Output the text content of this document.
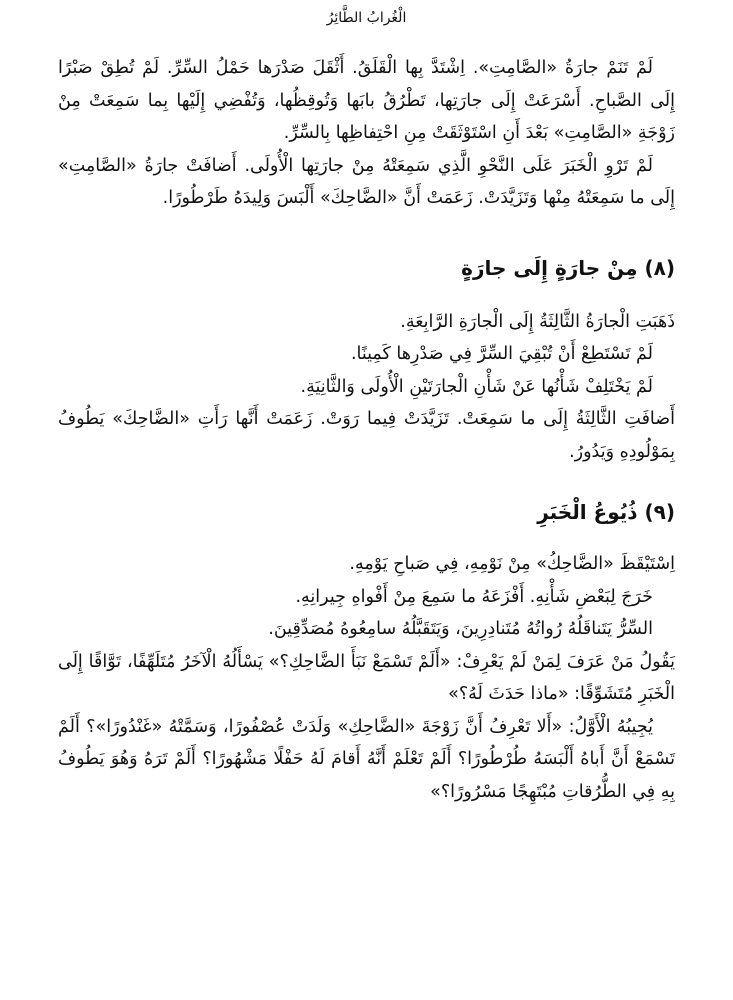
الْغُرابُ الطَّائِرُ

لَمْ تَنَمْ جارَةُ «الصَّامِتِ». اِشْتَدَّ بِها الْقَلَقُ. أَثْقَلَ صَدْرَها حَمْلُ السِّرِّ. لَمْ تُطِقْ صَبْرًا إِلَى الصَّباحِ. أَسْرَعَتْ إِلَى جارَتِها، تَطْرُقُ بابَها وَتُوقِظُها، وَتُفْضِي إِلَيْها بِما سَمِعَتْ مِنْ زَوْجَةِ «الصَّامِتِ» بَعْدَ أَنِ اسْتَوْثَقَتْ مِنِ احْتِفاظِها بِالسِّرِّ.

لَمْ تَرْوِ الْخَبَرَ عَلَى النَّحْوِ الَّذِي سَمِعَتْهُ مِنْ جارَتِها الْأُولَى. أَضافَتْ جارَةُ «الصَّامِتِ» إِلَى ما سَمِعَتْهُ مِنْها وَتَزَيَّدَتْ. زَعَمَتْ أَنَّ «الضَّاحِكَ» أَلْبَسَ وَلِيدَهُ طَرْطُورًا.

(٨) مِنْ جارَةٍ إِلَى جارَةٍ

ذَهَبَتِ الْجارَةُ الثَّالِثَةُ إِلَى الْجارَةِ الرَّابِعَةِ.

لَمْ تَسْتَطِعْ أَنْ تُبْقِيَ السِّرَّ فِي صَدْرِها كَمِينًا.

لَمْ يَخْتَلِفْ شَأْنُها عَنْ شَأْنِ الْجارَتَيْنِ الْأُولَى وَالثَّانِيَةِ.

أَضافَتِ الثَّالِثَةُ إِلَى ما سَمِعَتْ. تَزَيَّدَتْ فِيما رَوَتْ. زَعَمَتْ أَنَّها رَأَتِ «الضَّاحِكَ» يَطُوفُ بِمَوْلُودِهِ وَيَدُورُ.

(٩) ذُيُوعُ الْخَبَرِ

اِسْتَيْقَظَ «الضَّاحِكُ» مِنْ نَوْمِهِ، فِي صَباحِ يَوْمِهِ.

خَرَجَ لِبَعْضِ شَأْنِهِ. أَفْزَعَهُ ما سَمِعَ مِنْ أَفْواهِ جِيرانِهِ.

السِّرُّ يَتَناقَلُهُ رُواتُهُ مُتَنادِرِينَ، وَيَتَقَبَّلُهُ سامِعُوهُ مُصَدِّقِينَ.

يَقُولُ مَنْ عَرَفَ لِمَنْ لَمْ يَعْرِفْ: «أَلَمْ تَسْمَعْ نَبَأَ الضَّاحِكِ؟» يَسْأَلُهُ الْآخَرُ مُتَلَهِّفًا، تَوَّاقًا إِلَى الْخَبَرِ مُتَشَوِّقًا: «ماذا حَدَثَ لَهُ؟»

يُجِيبُهُ الْأَوَّلُ: «أَلا تَعْرِفُ أَنَّ زَوْجَةَ «الضَّاحِكِ» وَلَدَتْ عُصْفُورًا، وَسَمَّتْهُ «غَنْدُورًا»؟ أَلَمْ تَسْمَعْ أَنَّ أَباهُ أَلْبَسَهُ طُرْطُورًا؟ أَلَمْ تَعْلَمْ أَنَّهُ أَقامَ لَهُ حَفْلًا مَشْهُورًا؟ أَلَمْ تَرَهُ وَهُوَ يَطُوفُ بِهِ فِي الطُّرُقاتِ مُبْتَهِجًا مَسْرُورًا؟»
